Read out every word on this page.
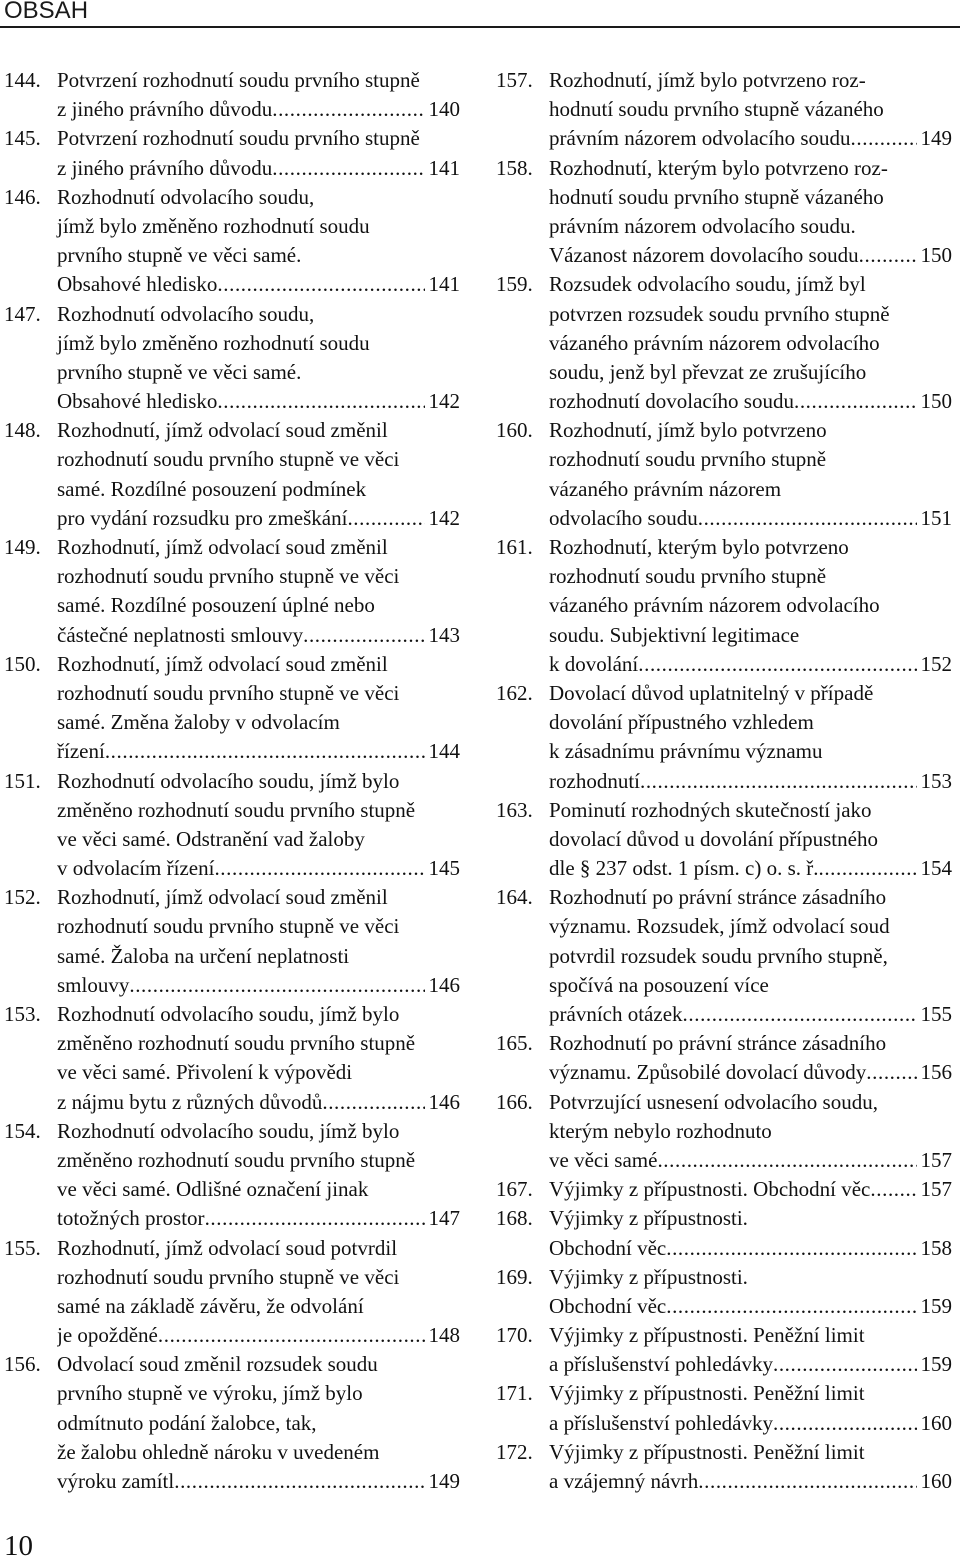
OBSAH
144. Potvrzení rozhodnutí soudu prvního stupně
z jiného právního důvodu .....	140
145. Potvrzení rozhodnutí soudu prvního stupně
z jiného právního důvodu .....	141
146. Rozhodnutí odvolacího soudu,
jímž bylo změněno rozhodnutí soudu
prvního stupně ve věci samé.
Obsahové hledisko .....	141
147. Rozhodnutí odvolacího soudu,
jímž bylo změněno rozhodnutí soudu
prvního stupně ve věci samé.
Obsahové hledisko .....	142
148. Rozhodnutí, jímž odvolací soud změnil
rozhodnutí soudu prvního stupně ve věci
samé. Rozdílné posouzení podmínek
pro vydání rozsudku pro zmeškání .....	142
149. Rozhodnutí, jímž odvolací soud změnil
rozhodnutí soudu prvního stupně ve věci
samé. Rozdílné posouzení úplné nebo
částečné neplatnosti smlouvy .....	143
150. Rozhodnutí, jímž odvolací soud změnil
rozhodnutí soudu prvního stupně ve věci
samé. Změna žaloby v odvolacím
řízení .....	144
151. Rozhodnutí odvolacího soudu, jímž bylo
změněno rozhodnutí soudu prvního stupně
ve věci samé. Odstranění vad žaloby
v odvolacím řízení .....	145
152. Rozhodnutí, jímž odvolací soud změnil
rozhodnutí soudu prvního stupně ve věci
samé. Žaloba na určení neplatnosti
smlouvy .....	146
153. Rozhodnutí odvolacího soudu, jímž bylo
změněno rozhodnutí soudu prvního stupně
ve věci samé. Přivolení k výpovědi
z nájmu bytu z různých důvodů .....	146
154. Rozhodnutí odvolacího soudu, jímž bylo
změněno rozhodnutí soudu prvního stupně
ve věci samé. Odlišné označení jinak
totožných prostor .....	147
155. Rozhodnutí, jímž odvolací soud potvrdil
rozhodnutí soudu prvního stupně ve věci
samé na základě závěru, že odvolání
je opožděné .....	148
156. Odvolací soud změnil rozsudek soudu
prvního stupně ve výroku, jímž bylo
odmítnuto podání žalobce, tak,
že žalobu ohledně nároku v uvedeném
výroku zamítl .....	149
157. Rozhodnutí, jímž bylo potvrzeno roz-
hodnutí soudu prvního stupně vázaného
právním názorem odvolacího soudu .....	149
158. Rozhodnutí, kterým bylo potvrzeno roz-
hodnutí soudu prvního stupně vázaného
právním názorem odvolacího soudu.
Vázanost názorem dovolacího soudu .....	150
159. Rozsudek odvolacího soudu, jímž byl
potvrzen rozsudek soudu prvního stupně
vázaného právním názorem odvolacího
soudu, jenž byl převzat ze zrušujícího
rozhodnutí dovolacího soudu .....	150
160. Rozhodnutí, jímž bylo potvrzeno
rozhodnutí soudu prvního stupně
vázaného právním názorem
odvolacího soudu .....	151
161. Rozhodnutí, kterým bylo potvrzeno
rozhodnutí soudu prvního stupně
vázaného právním názorem odvolacího
soudu. Subjektivní legitimace
k dovolání .....	152
162. Dovolací důvod uplatnitelný v případě
dovolání přípustného vzhledem
k zásadnímu právnímu významu
rozhodnutí .....	153
163. Pominutí rozhodných skutečností jako
dovolací důvod u dovolání přípustného
dle § 237 odst. 1 písm. c) o. s. ř. .....	154
164. Rozhodnutí po právní stránce zásadního
významu. Rozsudek, jímž odvolací soud
potvrdil rozsudek soudu prvního stupně,
spočívá na posouzení více
právních otázek .....	155
165. Rozhodnutí po právní stránce zásadního
významu. Způsobilé dovolací důvody .....	156
166. Potvrzující usnesení odvolacího soudu,
kterým nebylo rozhodnuto
ve věci samé .....	157
167. Výjimky z přípustnosti. Obchodní věc ..... 157
168. Výjimky z přípustnosti.
Obchodní věc .....	158
169. Výjimky z přípustnosti.
Obchodní věc .....	159
170. Výjimky z přípustnosti. Peněžní limit
a příslušenství pohledávky .....	159
171. Výjimky z přípustnosti. Peněžní limit
a příslušenství pohledávky .....	160
172. Výjimky z přípustnosti. Peněžní limit
a vzájemný návrh .....	160
10
